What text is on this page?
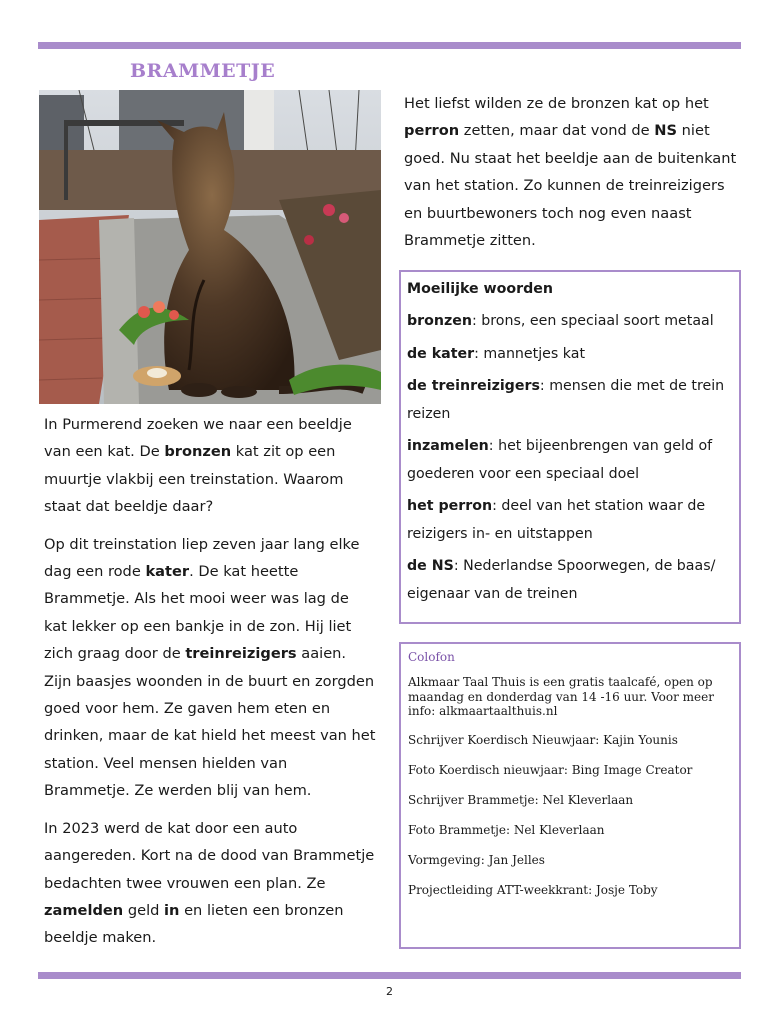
BRAMMETJE

In Purmerend zoeken we naar een beeldje van een kat. De bronzen kat zit op een muurtje vlakbij een treinstation. Waarom staat dat beeldje daar?

Op dit treinstation liep zeven jaar lang elke dag een rode kater. De kat heette Brammetje. Als het mooi weer was lag de kat lekker op een bankje in de zon. Hij liet zich graag door de treinreizigers aaien. Zijn baasjes woonden in de buurt en zorgden goed voor hem. Ze gaven hem eten en drinken, maar de kat hield het meest van het station. Veel mensen hielden van Brammetje. Ze werden blij van hem.

In 2023 werd de kat door een auto aangereden. Kort na de dood van Brammetje bedachten twee vrouwen een plan. Ze zamelden geld in en lieten een bronzen beeldje maken.

Het liefst wilden ze de bronzen kat op het perron zetten, maar dat vond de NS niet goed. Nu staat het beeldje aan de buitenkant van het station. Zo kunnen de treinreizigers en buurtbewoners toch nog even naast Brammetje zitten.

Moeilijke woorden
bronzen: brons, een speciaal soort metaal
de kater: mannetjes kat
de treinreizigers: mensen die met de trein reizen
inzamelen: het bijeenbrengen van geld of goederen voor een speciaal doel
het perron: deel van het station waar de reizigers in- en uitstappen
de NS: Nederlandse Spoorwegen, de baas/ eigenaar van de treinen
Colofon

Alkmaar Taal Thuis is een gratis taalcafé, open op maandag en donderdag van 14 -16 uur. Voor meer info: alkmaartaalthuis.nl

Schrijver Koerdisch Nieuwjaar: Kajin Younis

Foto Koerdisch nieuwjaar: Bing Image Creator

Schrijver Brammetje: Nel Kleverlaan

Foto Brammetje: Nel Kleverlaan

Vormgeving: Jan Jelles

Projectleiding ATT-weekkrant: Josje Toby

2
